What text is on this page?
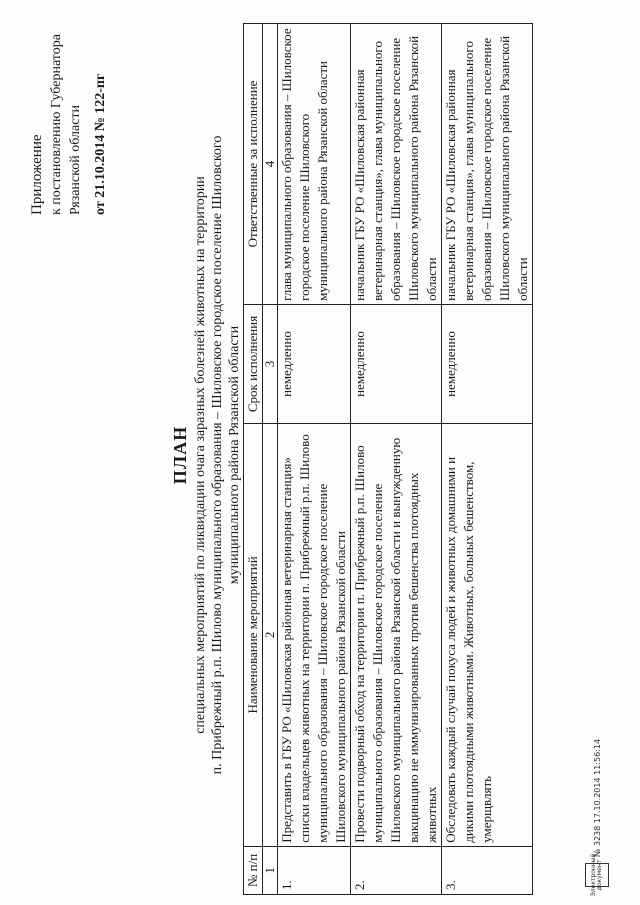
Приложение к постановлению Губернатора Рязанской области от 21.10.2014 № 122-пг
ПЛАН специальных мероприятий по ликвидации очага заразных болезней животных на территории п. Прибрежный р.п. Шилово муниципального образования – Шиловское городское поселение Шиловского муниципального района Рязанской области
№ п/п	Наименование мероприятий	Срок исполнения	Ответственные за исполнение
1	2	3	4
1.	Представить в ГБУ РО «Шиловская районная ветеринарная станция» списки владельцев животных на территории п. Прибрежный р.п. Шилово муниципального образования – Шиловское городское поселение Шиловского муниципального района Рязанской области	немедленно	глава муниципального образования – Шиловское городское поселение Шиловского муниципального района Рязанской области
2.	Провести подворный обход на территории п. Прибрежный р.п. Шилово муниципального образования – Шиловское городское поселение Шиловского муниципального района Рязанской области и вынужденную вакцинацию не иммунизированных против бешенства плотоядных животных	немедленно	начальник ГБУ РО «Шиловская районная ветеринарная станция», глава муниципального образования – Шиловское городское поселение Шиловского муниципального района Рязанской области
3.	Обследовать каждый случай покуса людей и животных домашними и дикими плотоядными животными. Животных, больных бешенством, умерщвлять	немедленно	начальник ГБУ РО «Шиловская районная ветеринарная станция», глава муниципального образования – Шиловское городское поселение Шиловского муниципального района Рязанской области
Электронный документ
№ 3238 17.10.2014 11:56:14
